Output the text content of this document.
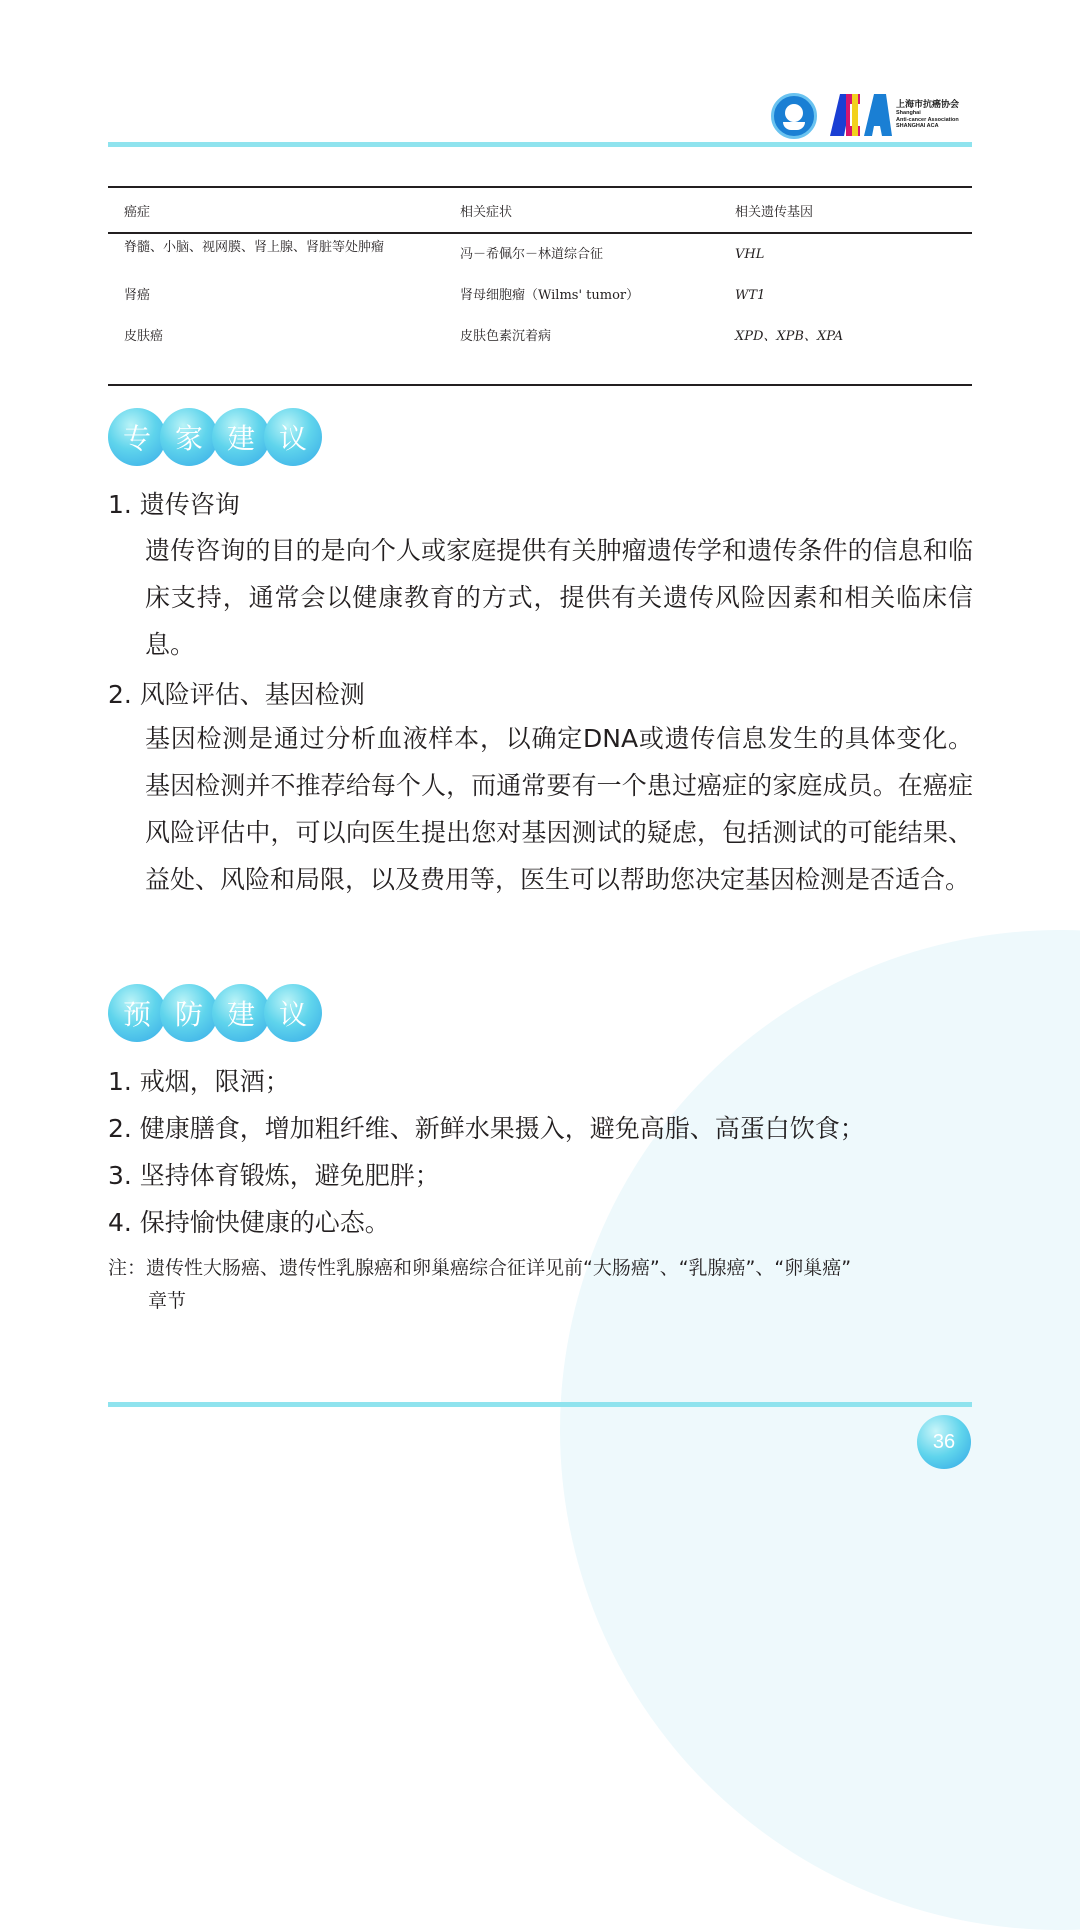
上海市抗癌协会
Shanghai
Anti-cancer Association
SHANGHAI ACA
癌症	相关症状	相关遗传基因
脊髓、小脑、视网膜、肾上腺、肾脏等处肿瘤	冯－希佩尔－林道综合征	VHL
肾癌	肾母细胞瘤（Wilms' tumor）	WT1
皮肤癌	皮肤色素沉着病	XPD、XPB、XPA
专 家 建 议
1. 遗传咨询
遗传咨询的目的是向个人或家庭提供有关肿瘤遗传学和遗传条件的信息和临床支持，通常会以健康教育的方式，提供有关遗传风险因素和相关临床信息。
2. 风险评估、基因检测
基因检测是通过分析血液样本，以确定DNA或遗传信息发生的具体变化。基因检测并不推荐给每个人，而通常要有一个患过癌症的家庭成员。在癌症风险评估中，可以向医生提出您对基因测试的疑虑，包括测试的可能结果、益处、风险和局限，以及费用等，医生可以帮助您决定基因检测是否适合。
预 防 建 议
1. 戒烟，限酒；
2. 健康膳食，增加粗纤维、新鲜水果摄入，避免高脂、高蛋白饮食；
3. 坚持体育锻炼，避免肥胖；
4. 保持愉快健康的心态。
注：遗传性大肠癌、遗传性乳腺癌和卵巢癌综合征详见前“大肠癌”、“乳腺癌”、“卵巢癌”
章节
36
